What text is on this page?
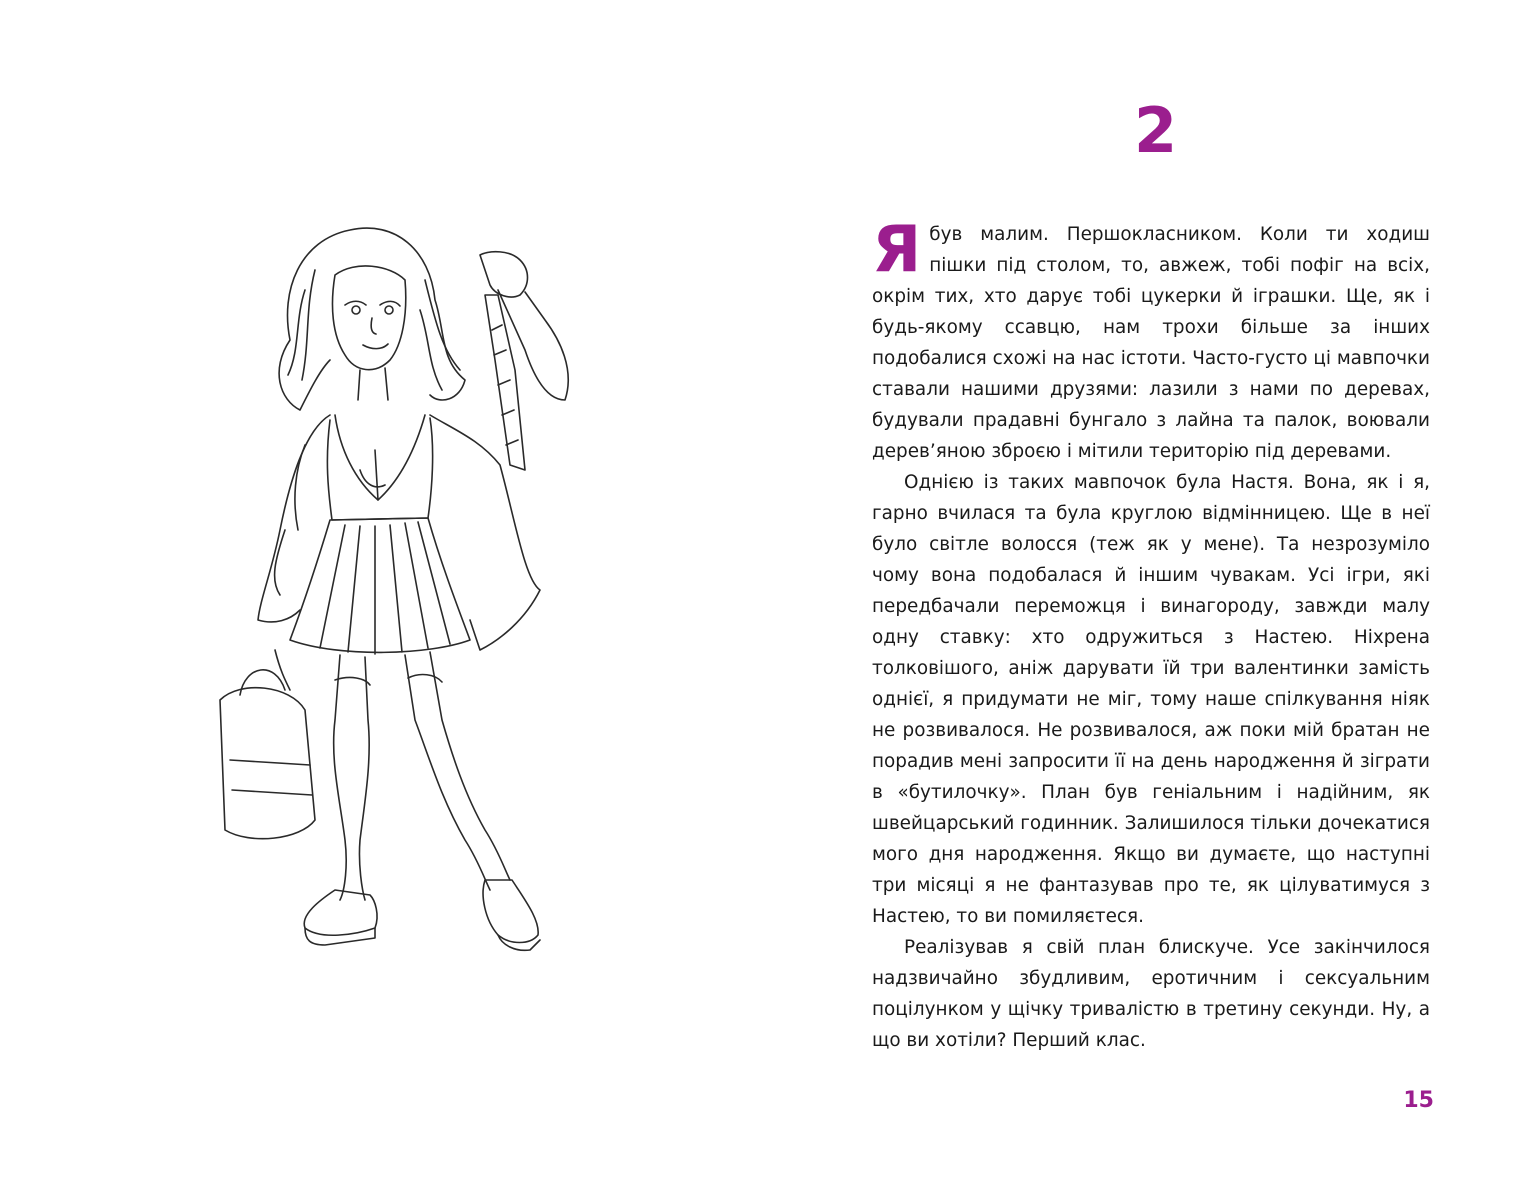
2

Я був малим. Першокласником. Коли ти ходиш пішки під столом, то, авжеж, тобі пофіг на всіх, окрім тих, хто дарує тобі цукерки й іграшки. Ще, як і будь-якому ссавцю, нам трохи більше за інших подобалися схожі на нас істоти. Часто-густо ці мавпочки ставали нашими друзями: лазили з нами по деревах, будували прадавні бунгало з лайна та палок, воювали дерев’яною зброєю і мітили територію під деревами.

Однією із таких мавпочок була Настя. Вона, як і я, гарно вчилася та була круглою відмінницею. Ще в неї було світле волосся (теж як у мене). Та незрозуміло чому вона подобалася й іншим чувакам. Усі ігри, які передбачали переможця і винагороду, завжди малу одну ставку: хто одружиться з Настею. Ніхрена толковішого, аніж дарувати їй три валентинки замість однієї, я придумати не міг, тому наше спілкування ніяк не розвивалося. Не розвивалося, аж поки мій братан не порадив мені запросити її на день народження й зіграти в «бутилочку». План був геніальним і надійним, як швейцарський годинник. Залишилося тільки дочекатися мого дня народження. Якщо ви думаєте, що наступні три місяці я не фантазував про те, як цілуватимуся з Настею, то ви помиляєтеся.

Реалізував я свій план блискуче. Усе закінчилося надзвичайно збудливим, еротичним і сексуальним поцілунком у щічку тривалістю в третину секунди. Ну, а що ви хотіли? Перший клас.

15
